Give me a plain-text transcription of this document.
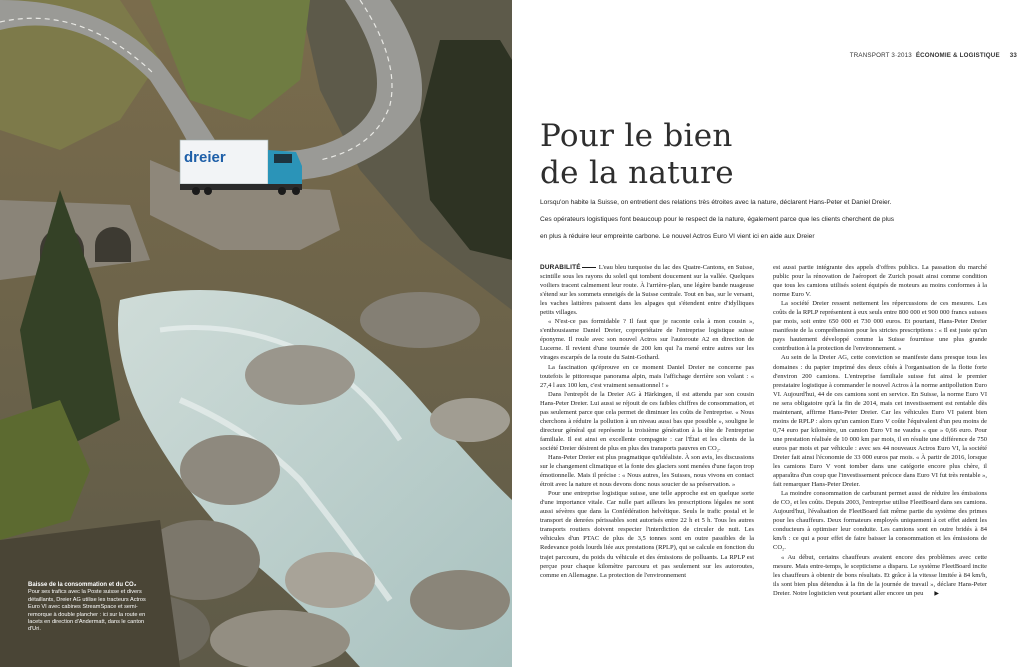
dreier
Baisse de la consommation et du CO₂
Pour ses trafics avec la Poste suisse et divers détaillants, Dreier AG utilise les tracteurs Actros Euro VI avec cabines StreamSpace et semi-remorque à double plancher : ici sur la route en lacets en direction d'Andermatt, dans le canton d'Uri.
TRANSPORT 3·2013 ÉCONOMIE & LOGISTIQUE 33
Pour le bien
de la nature

Lorsqu'on habite la Suisse, on entretient des relations très étroites avec la nature, déclarent Hans-Peter et Daniel Dreier.

Ces opérateurs logistiques font beaucoup pour le respect de la nature, également parce que les clients cherchent de plus

en plus à réduire leur empreinte carbone. Le nouvel Actros Euro VI vient ici en aide aux Dreier

DURABILITÉ	L'eau bleu turquoise du lac des Quatre-Cantons, en Suisse, scintille sous les rayons du soleil qui tombent doucement sur la vallée. Quelques voiliers tracent calmement leur route. À l'arrière-plan, une légère bande nuageuse s'étend sur les sommets enneigés de la Suisse centrale. Tout en bas, sur le versant, les vaches laitières paissent dans les alpages qui s'étendent entre d'idylliques petits villages.

« N'est-ce pas formidable ? Il faut que je raconte cela à mon cousin », s'enthousiasme Daniel Dreier, copropriétaire de l'entreprise logistique suisse éponyme. Il roule avec son nouvel Actros sur l'autoroute A2 en direction de Lucerne. Il revient d'une tournée de 200 km qui l'a mené entre autres sur les virages escarpés de la route du Saint-Gothard.

La fascination qu'éprouve en ce moment Daniel Dreier ne concerne pas toutefois le pittoresque panorama alpin, mais l'affichage derrière son volant : « 27,4 l aux 100 km, c'est vraiment sensationnel ! »

Dans l'entrepôt de la Dreier AG à Härkingen, il est attendu par son cousin Hans-Peter Dreier. Lui aussi se réjouit de ces faibles chiffres de consommation, et pas seulement parce que cela permet de diminuer les coûts de l'entreprise. « Nous cherchons à réduire la pollution à un niveau aussi bas que possible », souligne le directeur général qui représente la troisième génération à la tête de l'entreprise familiale. Il est ainsi en excellente compagnie : car l'État et les clients de la société Dreier désirent de plus en plus des transports pauvres en CO₂.

Hans-Peter Dreier est plus pragmatique qu'idéaliste. À son avis, les discussions sur le changement climatique et la fonte des glaciers sont menées d'une façon trop émotionnelle. Mais il précise : « Nous autres, les Suisses, nous vivons en contact étroit avec la nature et nous devons donc nous soucier de sa préservation. »

Pour une entreprise logistique suisse, une telle approche est en quelque sorte d'une importance vitale. Car nulle part ailleurs les prescriptions légales ne sont aussi sévères que dans la Confédération helvétique. Seuls le trafic postal et le transport de denrées périssables sont autorisés entre 22 h et 5 h. Tous les autres transports routiers doivent respecter l'interdiction de circuler de nuit. Les véhicules d'un PTAC de plus de 3,5 tonnes sont en outre passibles de la Redevance poids lourds liée aux prestations (RPLP), qui se calcule en fonction du trajet parcouru, du poids du véhicule et des émissions de polluants. La RPLP est perçue pour chaque kilomètre parcouru et pas seulement sur les autoroutes, comme en Allemagne. La protection de l'environnement

est aussi partie intégrante des appels d'offres publics. La passation du marché public pour la rénovation de l'aéroport de Zurich posait ainsi comme condition que tous les camions utilisés soient équipés de moteurs au moins conformes à la norme Euro V.

La société Dreier ressent nettement les répercussions de ces mesures. Les coûts de la RPLP représentent à eux seuls entre 800 000 et 900 000 francs suisses par mois, soit entre 650 000 et 730 000 euros. Et pourtant, Hans-Peter Dreier manifeste de la compréhension pour les strictes prescriptions : « Il est juste qu'un pays hautement développé comme la Suisse fournisse une plus grande contribution à la protection de l'environnement. »

Au sein de la Dreier AG, cette conviction se manifeste dans presque tous les domaines : du papier imprimé des deux côtés à l'organisation de la flotte forte d'environ 200 camions. L'entreprise familiale suisse fut ainsi le premier prestataire logistique à commander le nouvel Actros à la norme antipollution Euro VI. Aujourd'hui, 44 de ces camions sont en service. En Suisse, la norme Euro VI ne sera obligatoire qu'à la fin de 2014, mais cet investissement est rentable dès maintenant, affirme Hans-Peter Dreier. Car les véhicules Euro VI paient bien moins de RPLP : alors qu'un camion Euro V coûte l'équivalent d'un peu moins de 0,74 euro par kilomètre, un camion Euro VI ne vaudra « que » 0,66 euro. Pour une prestation réalisée de 10 000 km par mois, il en résulte une différence de 750 euros par mois et par véhicule : avec ses 44 nouveaux Actros Euro VI, la société Dreier fait ainsi l'économie de 33 000 euros par mois. « À partir de 2016, lorsque les camions Euro V vont tomber dans une catégorie encore plus chère, il apparaîtra d'un coup que l'investissement précoce dans Euro VI fut très rentable », fait remarquer Hans-Peter Dreier.

La moindre consommation de carburant permet aussi de réduire les émissions de CO₂ et les coûts. Depuis 2003, l'entreprise utilise FleetBoard dans ses camions. Aujourd'hui, l'évaluation de FleetBoard fait même partie du système des primes pour les chauffeurs. Deux formateurs employés uniquement à cet effet aident les conducteurs à optimiser leur conduite. Les camions sont en outre bridés à 84 km/h : ce qui a pour effet de faire baisser la consommation et les émissions de CO₂.

« Au début, certains chauffeurs avaient encore des problèmes avec cette mesure. Mais entre-temps, le scepticisme a disparu. Le système FleetBoard incite les chauffeurs à obtenir de bons résultats. Et grâce à la vitesse limitée à 84 km/h, ils sont bien plus détendus à la fin de la journée de travail », déclare Hans-Peter Dreier. Notre logisticien veut pourtant aller encore un peu ▶
